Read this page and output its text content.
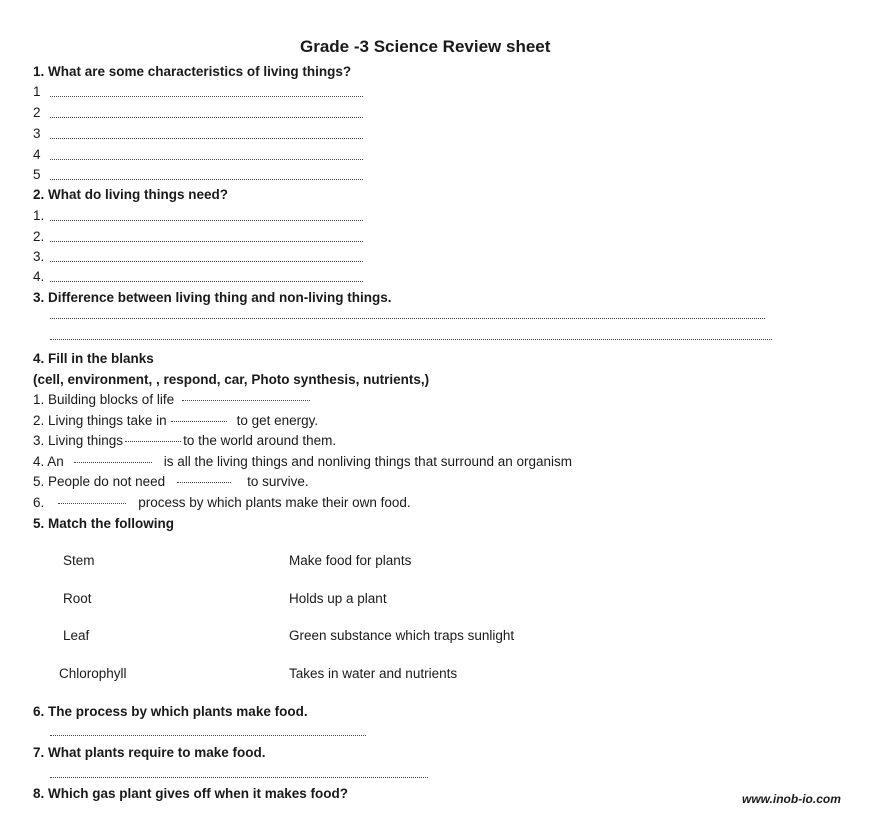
Grade -3 Science Review sheet
1. What are some characteristics of living things?
1
2
3
4
5
2. What do living things need?
1.
2.
3.
4.
3. Difference between living thing and non-living things.
4. Fill in the blanks
(cell, environment, , respond, car, Photo synthesis, nutrients,)
1. Building blocks of life
2. Living things take in	to get energy.
3. Living things	to the world around them.
4. An	is all the living things and nonliving things that surround an organism
5. People do not need	to survive.
6.	process by which plants make their own food.
5. Match the following
Stem	Make food for plants
Root	Holds up a plant
Leaf	Green substance which traps sunlight
Chlorophyll	Takes in water and nutrients
6. The process by which plants make food.
7. What plants require to make food.
8. Which gas plant gives off when it makes food?	www.inob-io.com
